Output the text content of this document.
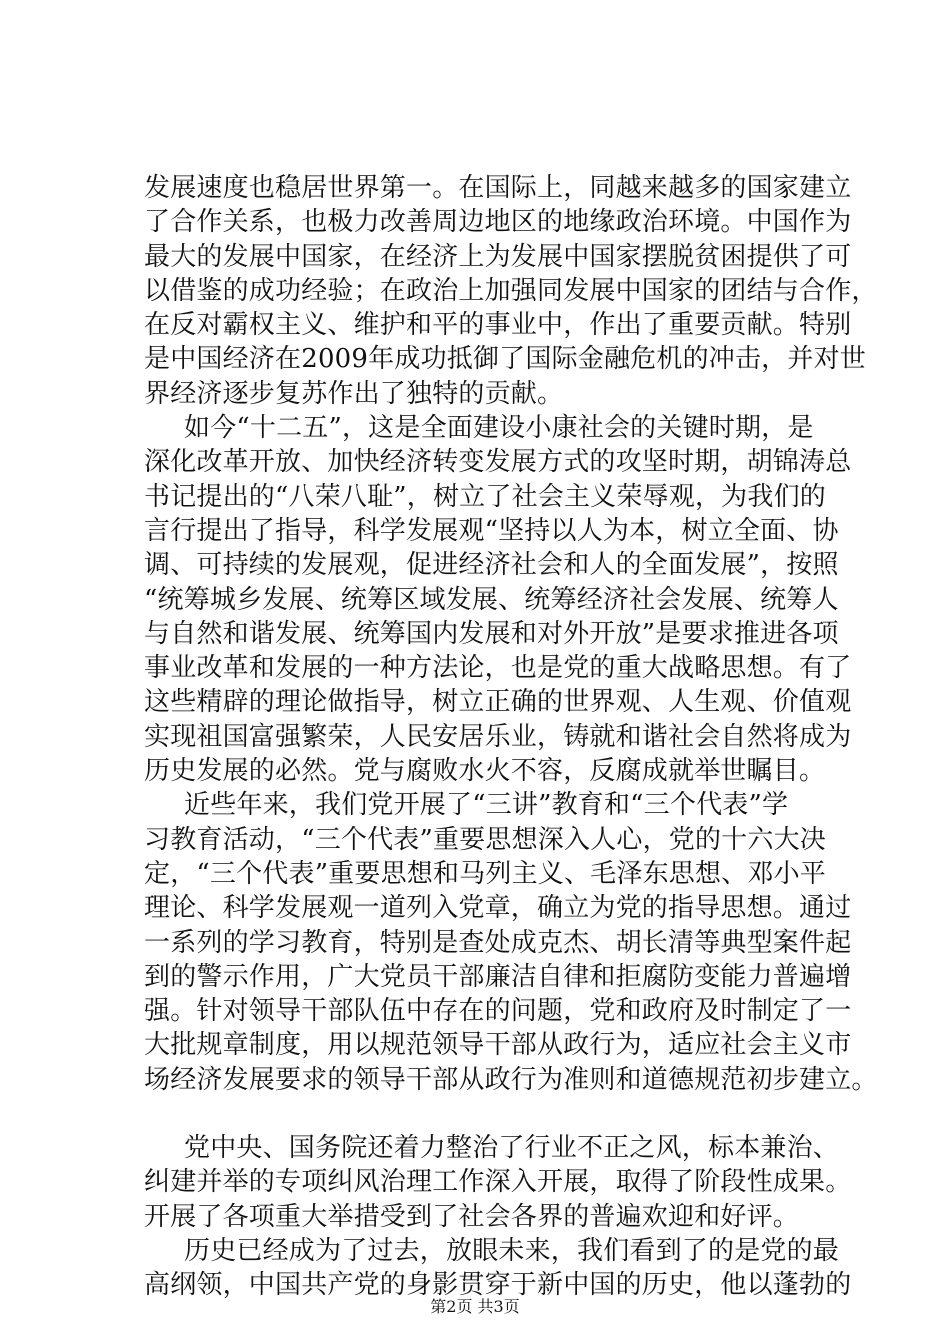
发展速度也稳居世界第一。在国际上，同越来越多的国家建立
了合作关系，也极力改善周边地区的地缘政治环境。中国作为
最大的发展中国家，在经济上为发展中国家摆脱贫困提供了可
以借鉴的成功经验；在政治上加强同发展中国家的团结与合作，
在反对霸权主义、维护和平的事业中，作出了重要贡献。特别
是中国经济在2009年成功抵御了国际金融危机的冲击，并对世
界经济逐步复苏作出了独特的贡献。
如今“十二五”，这是全面建设小康社会的关键时期，是
深化改革开放、加快经济转变发展方式的攻坚时期，胡锦涛总
书记提出的“八荣八耻”，树立了社会主义荣辱观，为我们的
言行提出了指导，科学发展观“坚持以人为本，树立全面、协
调、可持续的发展观，促进经济社会和人的全面发展”，按照
“统筹城乡发展、统筹区域发展、统筹经济社会发展、统筹人
与自然和谐发展、统筹国内发展和对外开放”是要求推进各项
事业改革和发展的一种方法论，也是党的重大战略思想。有了
这些精辟的理论做指导，树立正确的世界观、人生观、价值观
实现祖国富强繁荣，人民安居乐业，铸就和谐社会自然将成为
历史发展的必然。党与腐败水火不容，反腐成就举世瞩目。
近些年来，我们党开展了“三讲”教育和“三个代表”学
习教育活动，“三个代表”重要思想深入人心，党的十六大决
定，“三个代表”重要思想和马列主义、毛泽东思想、邓小平
理论、科学发展观一道列入党章，确立为党的指导思想。通过
一系列的学习教育，特别是查处成克杰、胡长清等典型案件起
到的警示作用，广大党员干部廉洁自律和拒腐防变能力普遍增
强。针对领导干部队伍中存在的问题，党和政府及时制定了一
大批规章制度，用以规范领导干部从政行为，适应社会主义市
场经济发展要求的领导干部从政行为准则和道德规范初步建立。
党中央、国务院还着力整治了行业不正之风，标本兼治、
纠建并举的专项纠风治理工作深入开展，取得了阶段性成果。
开展了各项重大举措受到了社会各界的普遍欢迎和好评。
历史已经成为了过去，放眼未来，我们看到了的是党的最
高纲领，中国共产党的身影贯穿于新中国的历史，他以蓬勃的
第2页 共3页
